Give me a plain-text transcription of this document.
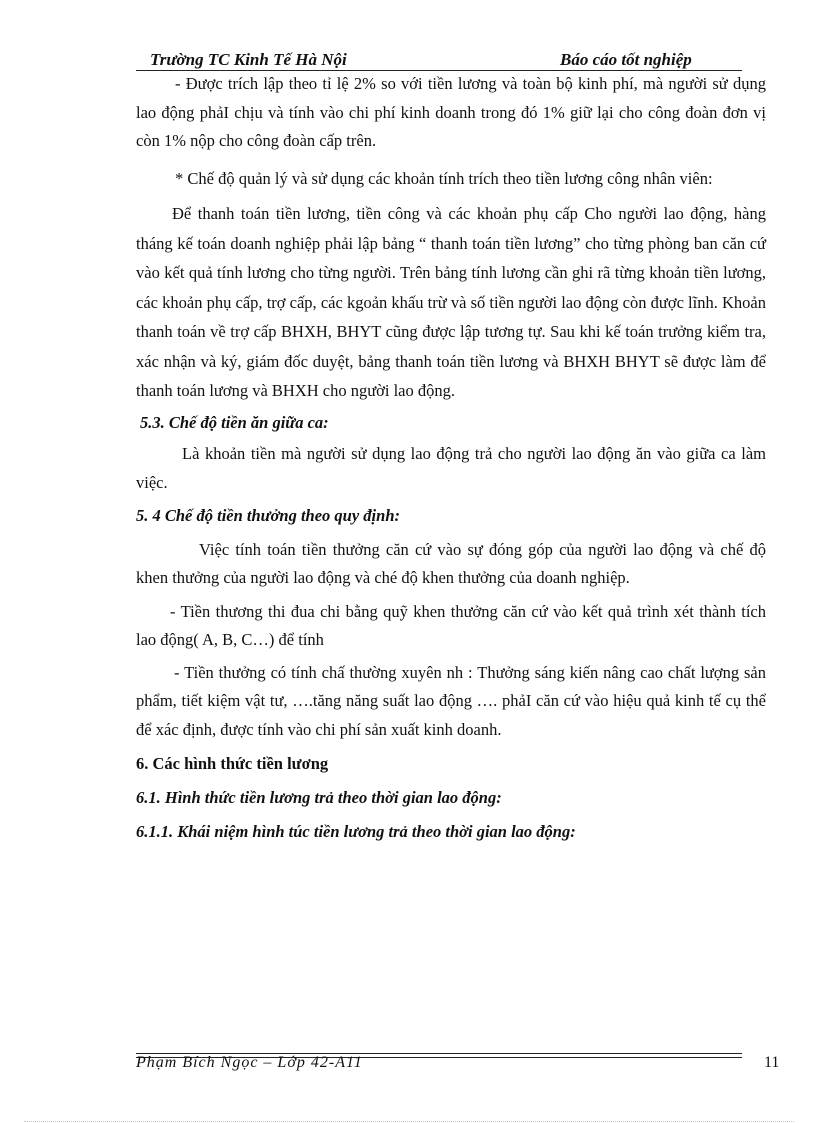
Trường TC Kinh Tế Hà Nội	Báo cáo tốt nghiệp

- Được trích lập theo tỉ lệ 2% so với tiền lương và toàn bộ kinh phí, mà người sử dụng lao động phảI chịu và tính vào chi phí kinh doanh trong đó 1% giữ lại cho công đoàn đơn vị còn 1% nộp cho công đoàn cấp trên.

* Chế độ quản lý và sử dụng các khoản tính trích theo tiền lương công nhân viên:

Để thanh toán tiền lương, tiền công và các khoản phụ cấp Cho người lao động, hàng tháng kế toán doanh nghiệp phải lập bảng “ thanh toán tiền lương” cho từng phòng ban căn cứ vào kết quả tính lương cho từng người. Trên bảng tính lương cần ghi rã từng khoản tiền lương, các khoản phụ cấp, trợ cấp, các kgoản khấu trừ và số tiền người lao động còn được lĩnh. Khoản thanh toán về trợ cấp BHXH, BHYT cũng được lập tương tự. Sau khi kế toán trưởng kiểm tra, xác nhận và ký, giám đốc duyệt, bảng thanh toán tiền lương và BHXH BHYT sẽ được làm để thanh toán lương và BHXH cho người lao động.

5.3. Chế độ tiền ăn giữa ca:

Là khoản tiền mà người sử dụng lao động trả cho người lao động ăn vào giữa ca làm việc.

5. 4 Chế độ tiền thưởng theo quy định:

Việc tính toán tiền thưởng căn cứ vào sự đóng góp của người lao động và chế độ khen thưởng của người lao động và ché độ khen thưởng của doanh nghiệp.

- Tiền thương thi đua chi bằng quỹ khen thưởng căn cứ vào kết quả trình xét thành tích lao động( A, B, C…) để tính

- Tiền thưởng có tính chấ thường xuyên nh : Thưởng sáng kiến nâng cao chất lượng sản phẩm, tiết kiệm vật tư, ….tăng năng suất lao động …. phảI căn cứ vào hiệu quả kinh tế cụ thể để xác định, được tính vào chi phí sản xuất kinh doanh.

6. Các hình thức tiền lương

6.1. Hình thức tiền lương trả theo thời gian lao động:

6.1.1. Khái niệm hình túc tiền lương trả theo thời gian lao động:

Phạm Bích Ngọc – Lớp 42-A11	11
